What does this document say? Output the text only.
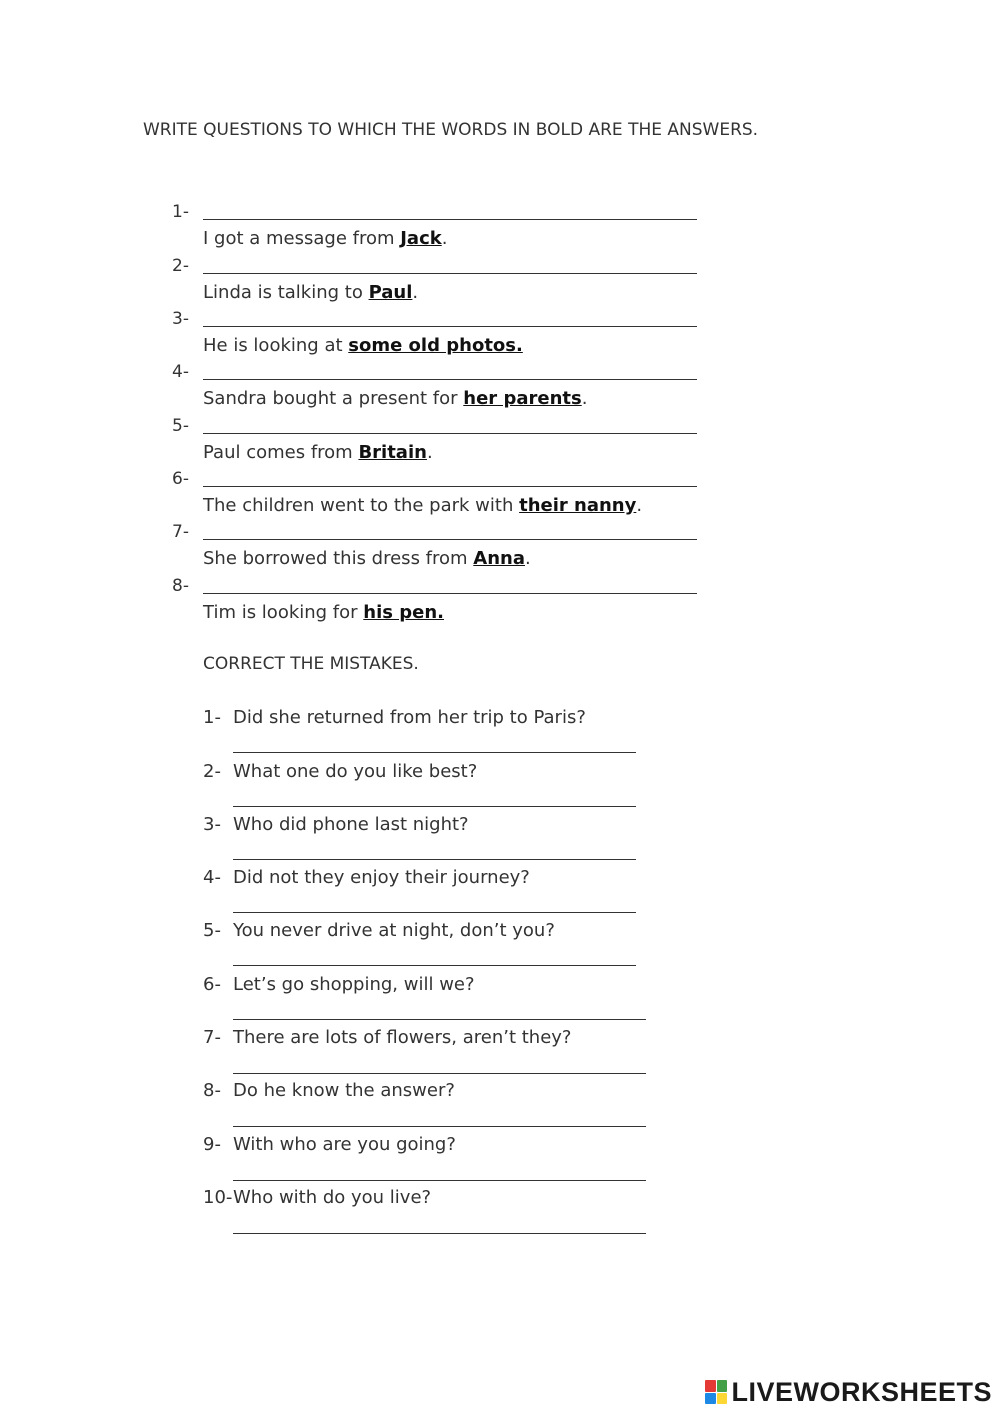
WRITE QUESTIONS TO WHICH THE WORDS IN BOLD ARE THE ANSWERS.
1-
I got a message from Jack.
2-
Linda is talking to Paul.
3-
He is looking at some old photos.
4-
Sandra bought a present for her parents.
5-
Paul comes from Britain.
6-
The children went to the park with their nanny.
7-
She borrowed this dress from Anna.
8-
Tim is looking for his pen.
CORRECT THE MISTAKES.
1- Did she returned from her trip to Paris?
2- What one do you like best?
3- Who did phone last night?
4- Did not they enjoy their journey?
5- You never drive at night, don’t you?
6- Let’s go shopping, will we?
7- There are lots of flowers, aren’t they?
8- Do he know the answer?
9- With who are you going?
10-Who with do you live?
LIVEWORKSHEETS
